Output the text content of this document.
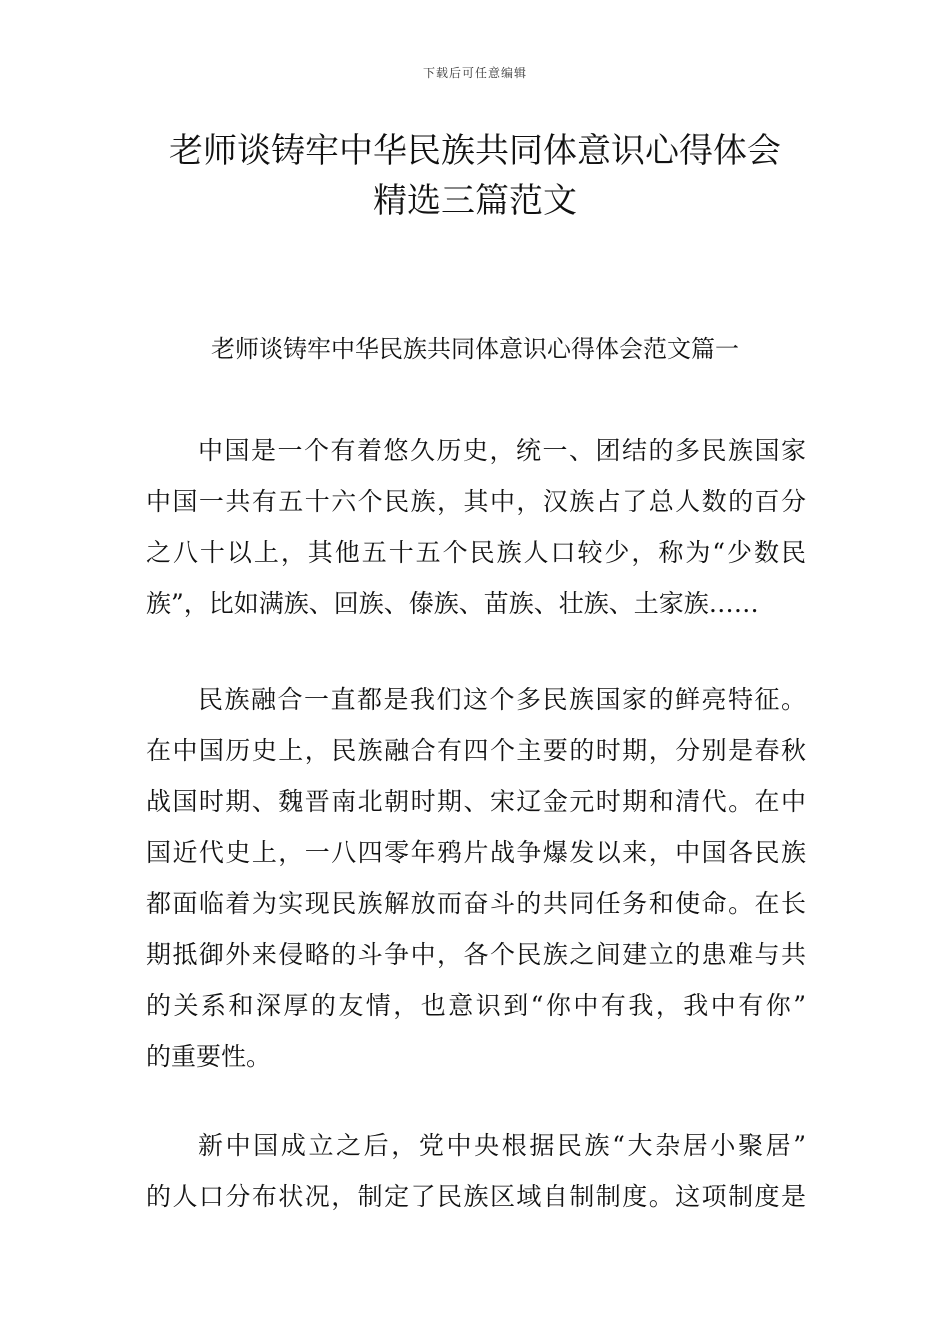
下载后可任意编辑
老师谈铸牢中华民族共同体意识心得体会
精选三篇范文
老师谈铸牢中华民族共同体意识心得体会范文篇一
中国是一个有着悠久历史，统一、团结的多民族国家
中国一共有五十六个民族，其中，汉族占了总人数的百分
之八十以上，其他五十五个民族人口较少，称为“少数民
族”，比如满族、回族、傣族、苗族、壮族、土家族……
民族融合一直都是我们这个多民族国家的鲜亮特征。
在中国历史上，民族融合有四个主要的时期，分别是春秋
战国时期、魏晋南北朝时期、宋辽金元时期和清代。在中
国近代史上，一八四零年鸦片战争爆发以来，中国各民族
都面临着为实现民族解放而奋斗的共同任务和使命。在长
期抵御外来侵略的斗争中，各个民族之间建立的患难与共
的关系和深厚的友情，也意识到“你中有我，我中有你”
的重要性。
新中国成立之后，党中央根据民族“大杂居小聚居”
的人口分布状况，制定了民族区域自制制度。这项制度是
